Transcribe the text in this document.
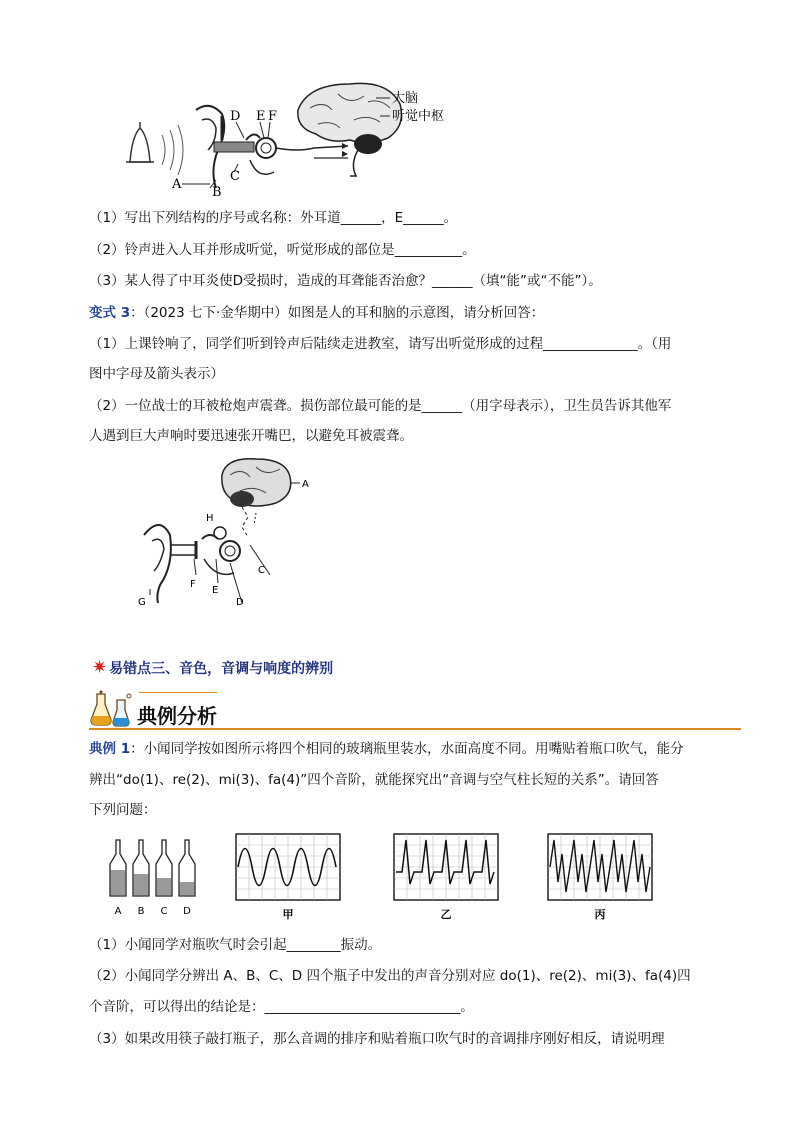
大脑
听觉中枢
D E F
A
B
C
（1）写出下列结构的序号或名称：外耳道______，E______。
（2）铃声进入人耳并形成听觉，听觉形成的部位是__________。
（3）某人得了中耳炎使D受损时，造成的耳聋能否治愈？______（填“能”或“不能”）。
变式 3：（2023 七下·金华期中）如图是人的耳和脑的示意图，请分析回答：
（1）上课铃响了，同学们听到铃声后陆续走进教室，请写出听觉形成的过程______________。（用
图中字母及箭头表示）
（2）一位战士的耳被枪炮声震聋。损伤部位最可能的是______（用字母表示），卫生员告诉其他军
人遇到巨大声响时要迅速张开嘴巴，以避免耳被震聋。
A
H
C
F
E
D
G
✷ 易错点三、音色，音调与响度的辨别
典例分析
典例 1：小闻同学按如图所示将四个相同的玻璃瓶里装水，水面高度不同。用嘴贴着瓶口吹气，能分
辨出“do(1)、re(2)、mi(3)、fa(4)”四个音阶，就能探究出“音调与空气柱长短的关系”。请回答
下列问题：
A B C D	甲	乙	丙
（1）小闻同学对瓶吹气时会引起________振动。
（2）小闻同学分辨出 A、B、C、D 四个瓶子中发出的声音分别对应 do(1)、re(2)、mi(3)、fa(4)四
个音阶，可以得出的结论是：_____________________________。
（3）如果改用筷子敲打瓶子，那么音调的排序和贴着瓶口吹气时的音调排序刚好相反，请说明理
